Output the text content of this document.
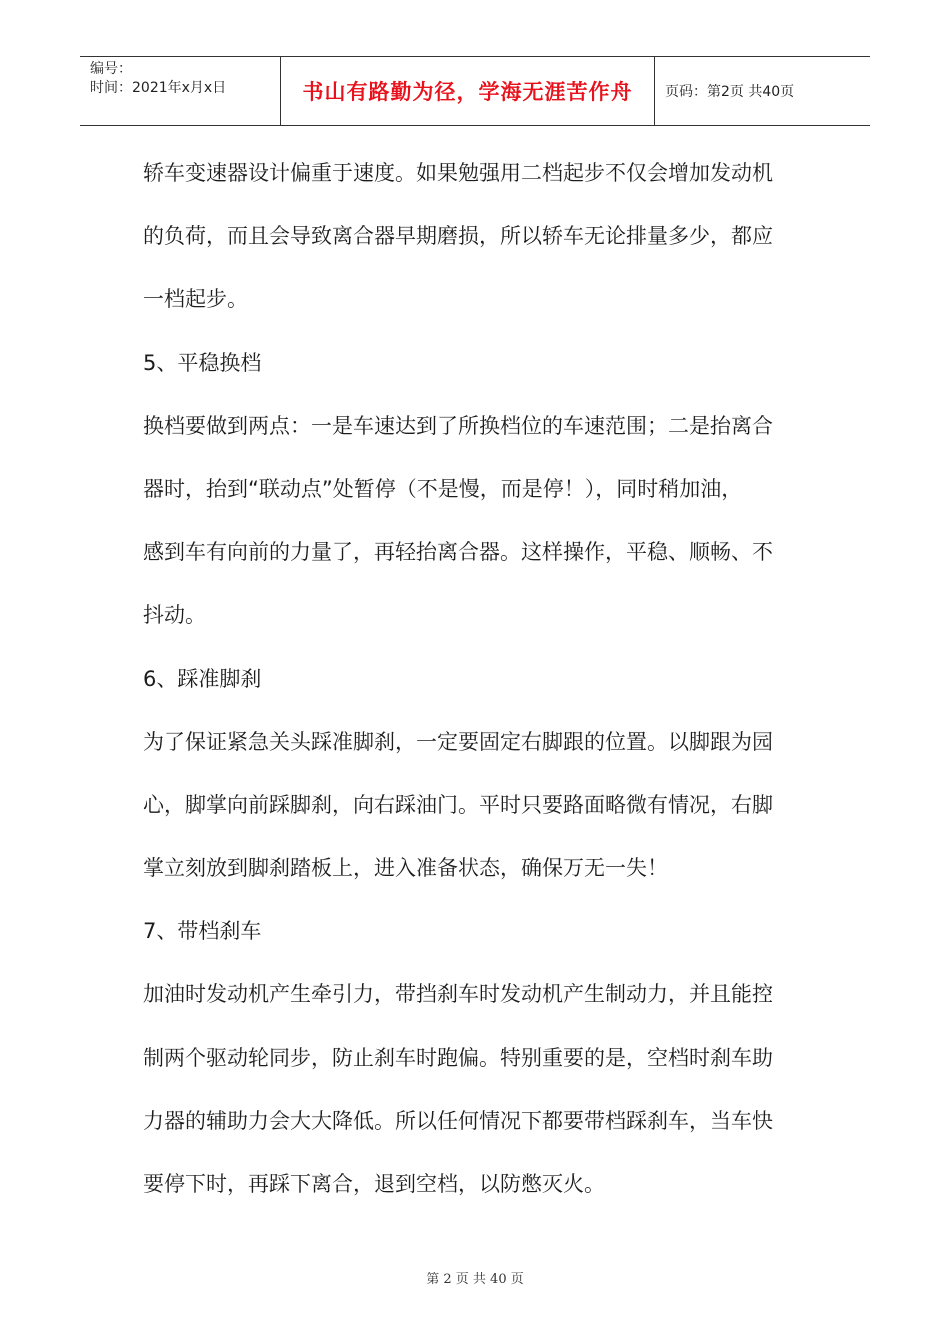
编号：
时间：2021年x月x日	书山有路勤为径，学海无涯苦作舟	页码：第2页 共40页
轿车变速器设计偏重于速度。如果勉强用二档起步不仅会增加发动机
的负荷，而且会导致离合器早期磨损，所以轿车无论排量多少，都应
一档起步。
5、平稳换档
换档要做到两点：一是车速达到了所换档位的车速范围；二是抬离合
器时，抬到“联动点”处暂停（不是慢，而是停！），同时稍加油，
感到车有向前的力量了，再轻抬离合器。这样操作，平稳、顺畅、不
抖动。
6、踩准脚刹
为了保证紧急关头踩准脚刹，一定要固定右脚跟的位置。以脚跟为园
心，脚掌向前踩脚刹，向右踩油门。平时只要路面略微有情况，右脚
掌立刻放到脚刹踏板上，进入准备状态，确保万无一失！
7、带档刹车
加油时发动机产生牵引力，带挡刹车时发动机产生制动力，并且能控
制两个驱动轮同步，防止刹车时跑偏。特别重要的是，空档时刹车助
力器的辅助力会大大降低。所以任何情况下都要带档踩刹车，当车快
要停下时，再踩下离合，退到空档，以防憋灭火。
第 2 页 共 40 页
